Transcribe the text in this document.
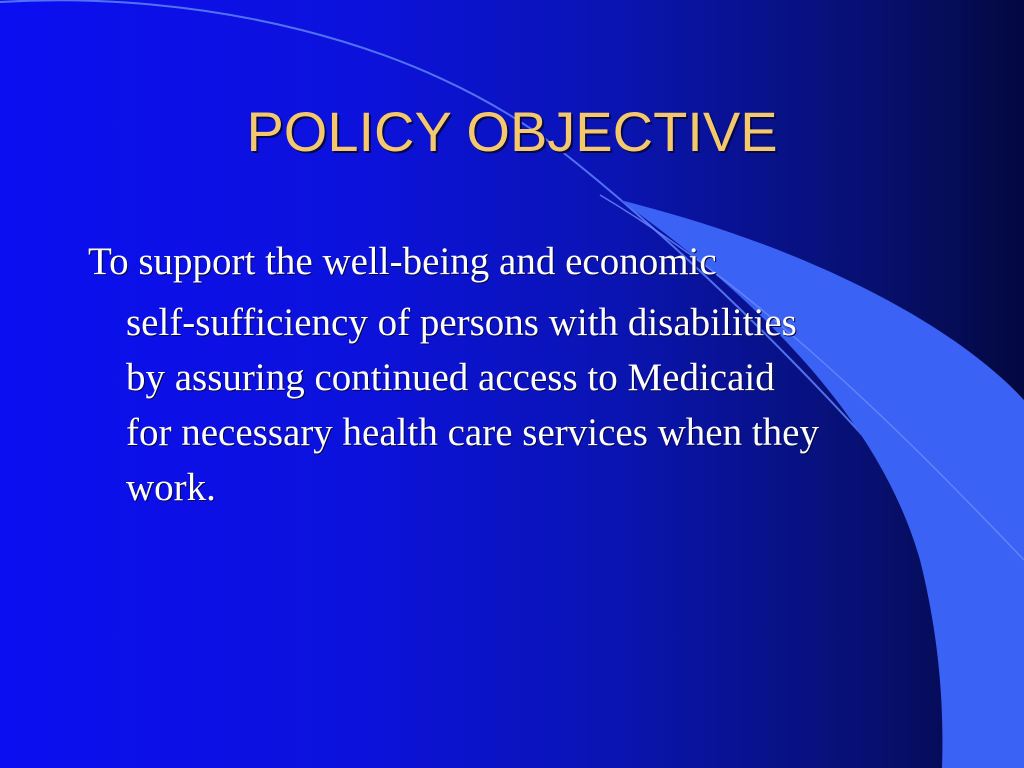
POLICY OBJECTIVE
To support the well-being and economic
self-sufficiency of persons with disabilities
by assuring continued access to Medicaid
for necessary health care services when they
work.
